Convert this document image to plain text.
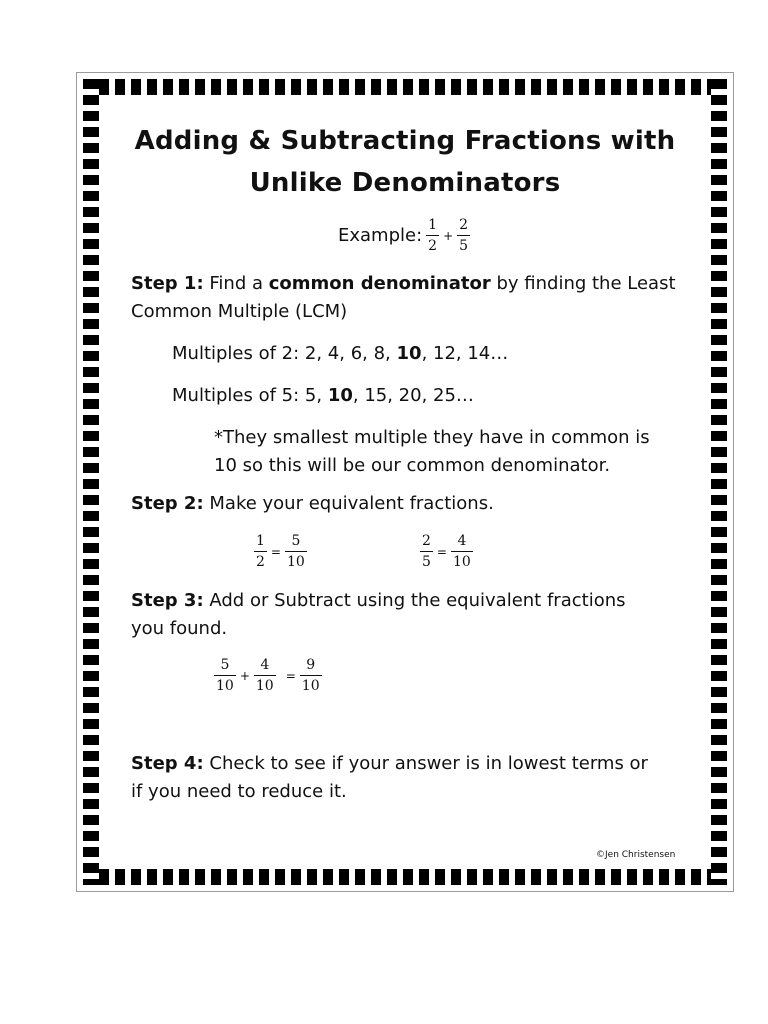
Adding & Subtracting Fractions with
Unlike Denominators
Example: $\frac{1}{2} + \frac{2}{5}$
Step 1: Find a common denominator by finding the Least
Common Multiple (LCM)
Multiples of 2: 2, 4, 6, 8, 10, 12, 14…
Multiples of 5: 5, 10, 15, 20, 25…
*They smallest multiple they have in common is
10 so this will be our common denominator.
Step 2: Make your equivalent fractions.
$\frac{1}{2} = \frac{5}{10}$	$\frac{2}{5} = \frac{4}{10}$
Step 3: Add or Subtract using the equivalent fractions
you found.
$\frac{5}{10} + \frac{4}{10} = \frac{9}{10}$
Step 4: Check to see if your answer is in lowest terms or
if you need to reduce it.
©Jen Christensen
